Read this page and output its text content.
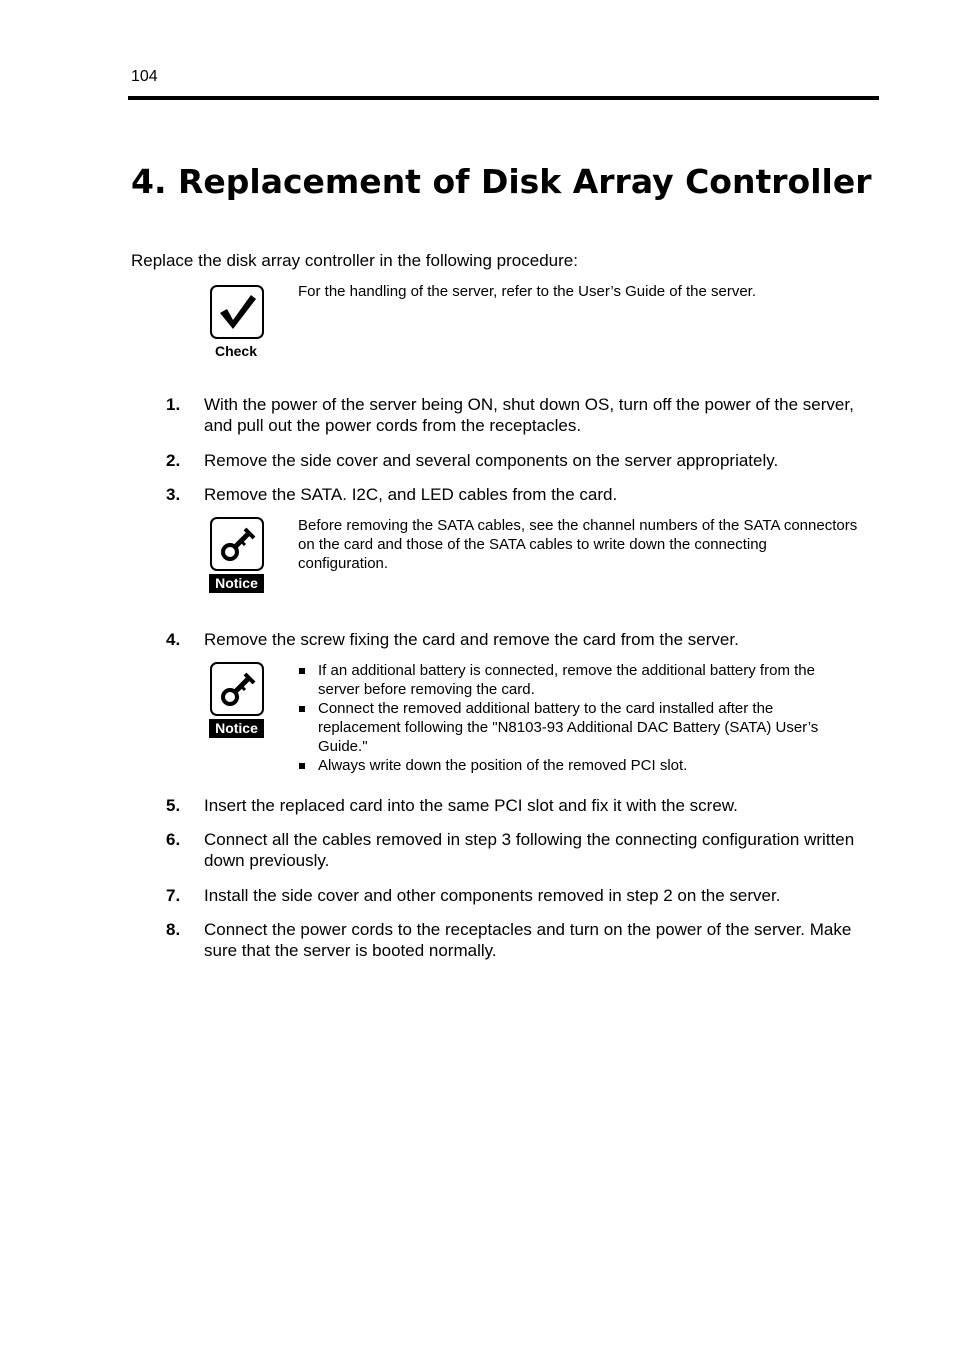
104
4. Replacement of Disk Array Controller
Replace the disk array controller in the following procedure:
Check
For the handling of the server, refer to the User’s Guide of the server.
1. With the power of the server being ON, shut down OS, turn off the power of the server, and pull out the power cords from the receptacles.
2. Remove the side cover and several components on the server appropriately.
3. Remove the SATA. I2C, and LED cables from the card.
Notice
Before removing the SATA cables, see the channel numbers of the SATA connectors on the card and those of the SATA cables to write down the connecting configuration.
4. Remove the screw fixing the card and remove the card from the server.
Notice
If an additional battery is connected, remove the additional battery from the server before removing the card.
Connect the removed additional battery to the card installed after the replacement following the "N8103-93 Additional DAC Battery (SATA) User’s Guide."
Always write down the position of the removed PCI slot.
5. Insert the replaced card into the same PCI slot and fix it with the screw.
6. Connect all the cables removed in step 3 following the connecting configuration written down previously.
7. Install the side cover and other components removed in step 2 on the server.
8. Connect the power cords to the receptacles and turn on the power of the server. Make sure that the server is booted normally.
